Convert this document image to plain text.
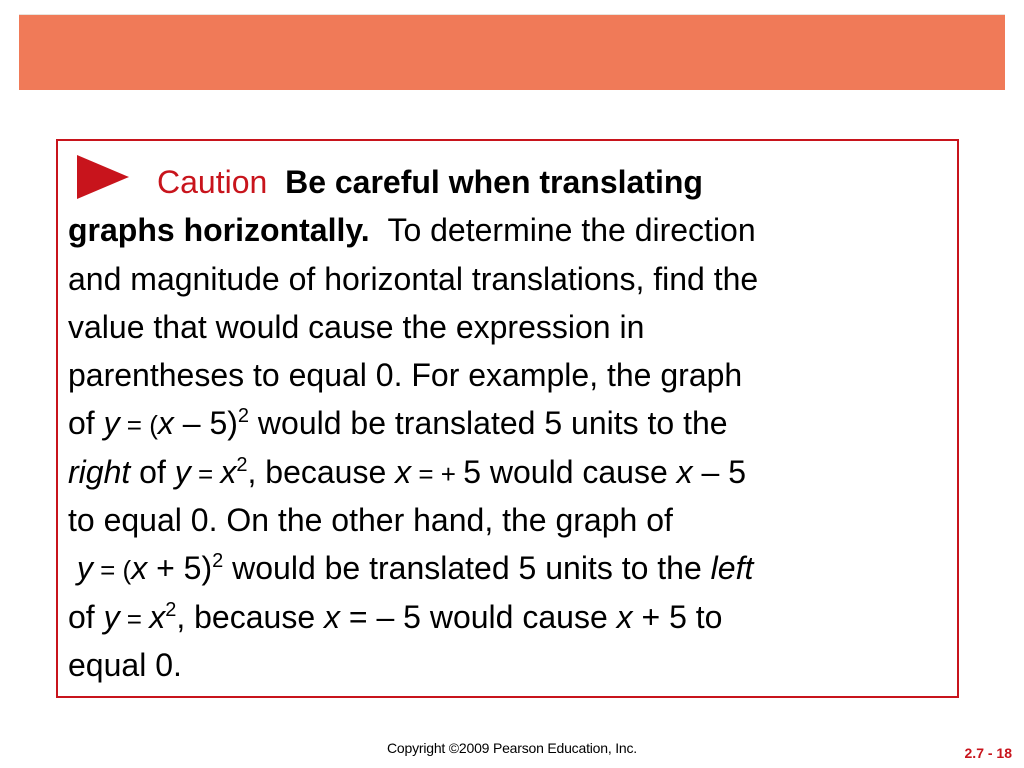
Caution Be careful when translating
graphs horizontally. To determine the direction
and magnitude of horizontal translations, find the
value that would cause the expression in
parentheses to equal 0. For example, the graph
of y = (x – 5)$^2$ would be translated 5 units to the
right of $y = x^2$, because x = + 5 would cause x – 5
to equal 0. On the other hand, the graph of
$y = (x + 5)^2$ would be translated 5 units to the left
of $y = x^2$, because x = – 5 would cause x + 5 to
equal 0.
Copyright ©2009 Pearson Education, Inc.	2.7 - 18
